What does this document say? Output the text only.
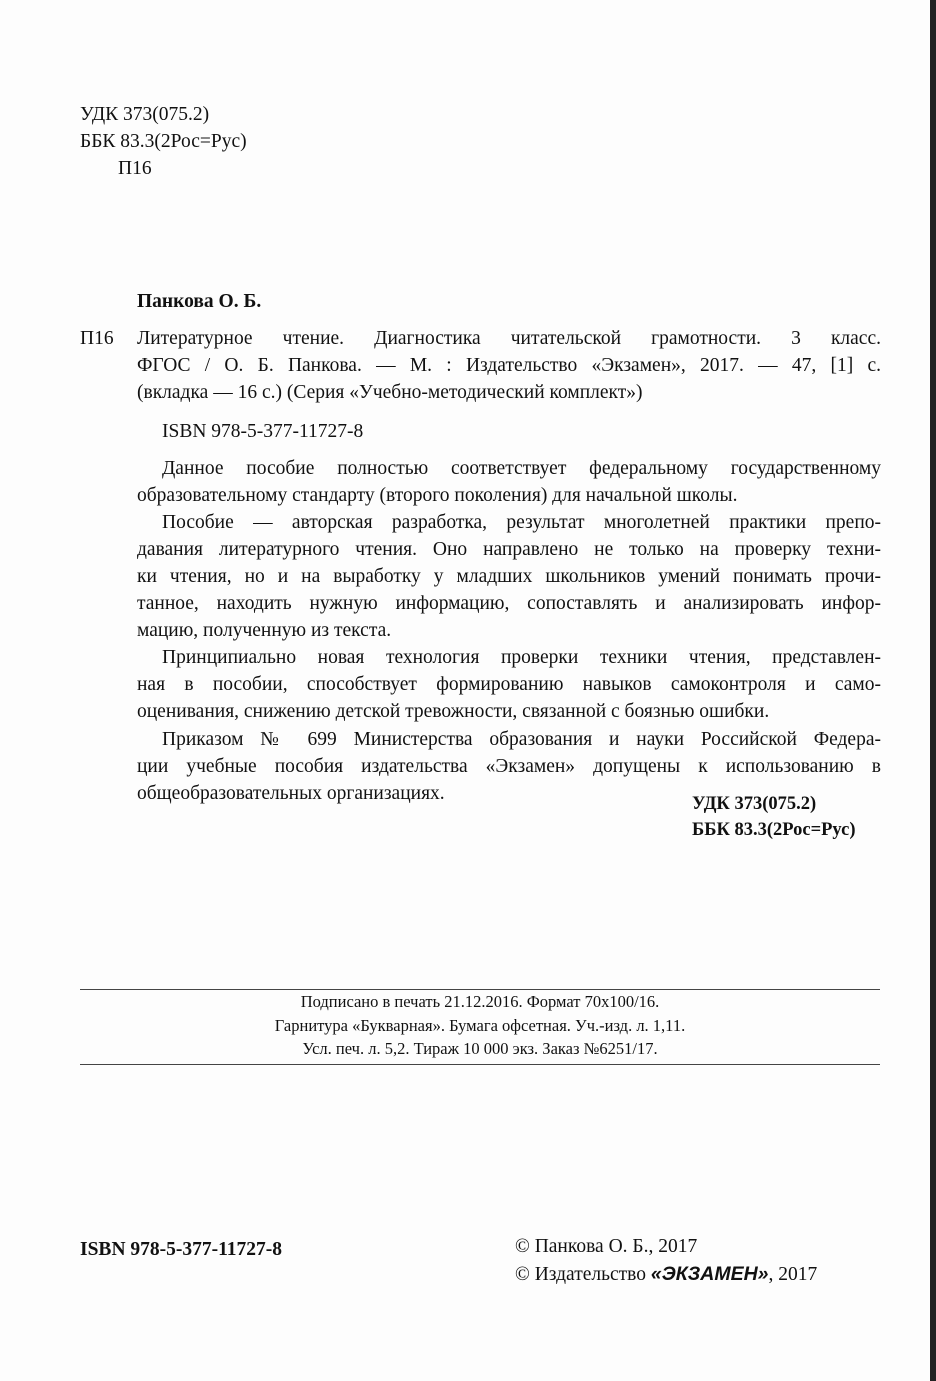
УДК 373(075.2)
ББК 83.3(2Рос=Рус)
П16
Панкова О. Б.
П16 Литературное чтение. Диагностика читательской грамотности. 3 класс.
ФГОС / О. Б. Панкова. — М. : Издательство «Экзамен», 2017. — 47, [1] с.
(вкладка — 16 с.) (Серия «Учебно-методический комплект»)
ISBN 978-5-377-11727-8
Данное пособие полностью соответствует федеральному государственному
образовательному стандарту (второго поколения) для начальной школы.
Пособие — авторская разработка, результат многолетней практики препо-
давания литературного чтения. Оно направлено не только на проверку техни-
ки чтения, но и на выработку у младших школьников умений понимать прочи-
танное, находить нужную информацию, сопоставлять и анализировать инфор-
мацию, полученную из текста.
Принципиально новая технология проверки техники чтения, представлен-
ная в пособии, способствует формированию навыков самоконтроля и само-
оценивания, снижению детской тревожности, связанной с боязнью ошибки.
Приказом № 699 Министерства образования и науки Российской Федера-
ции учебные пособия издательства «Экзамен» допущены к использованию в
общеобразовательных организациях.	УДК 373(075.2)
ББК 83.3(2Рос=Рус)
Подписано в печать 21.12.2016. Формат 70x100/16.
Гарнитура «Букварная». Бумага офсетная. Уч.-изд. л. 1,11.
Усл. печ. л. 5,2. Тираж 10 000 экз. Заказ №6251/17.
ISBN 978-5-377-11727-8	© Панкова О. Б., 2017
© Издательство «ЭКЗАМЕН», 2017
